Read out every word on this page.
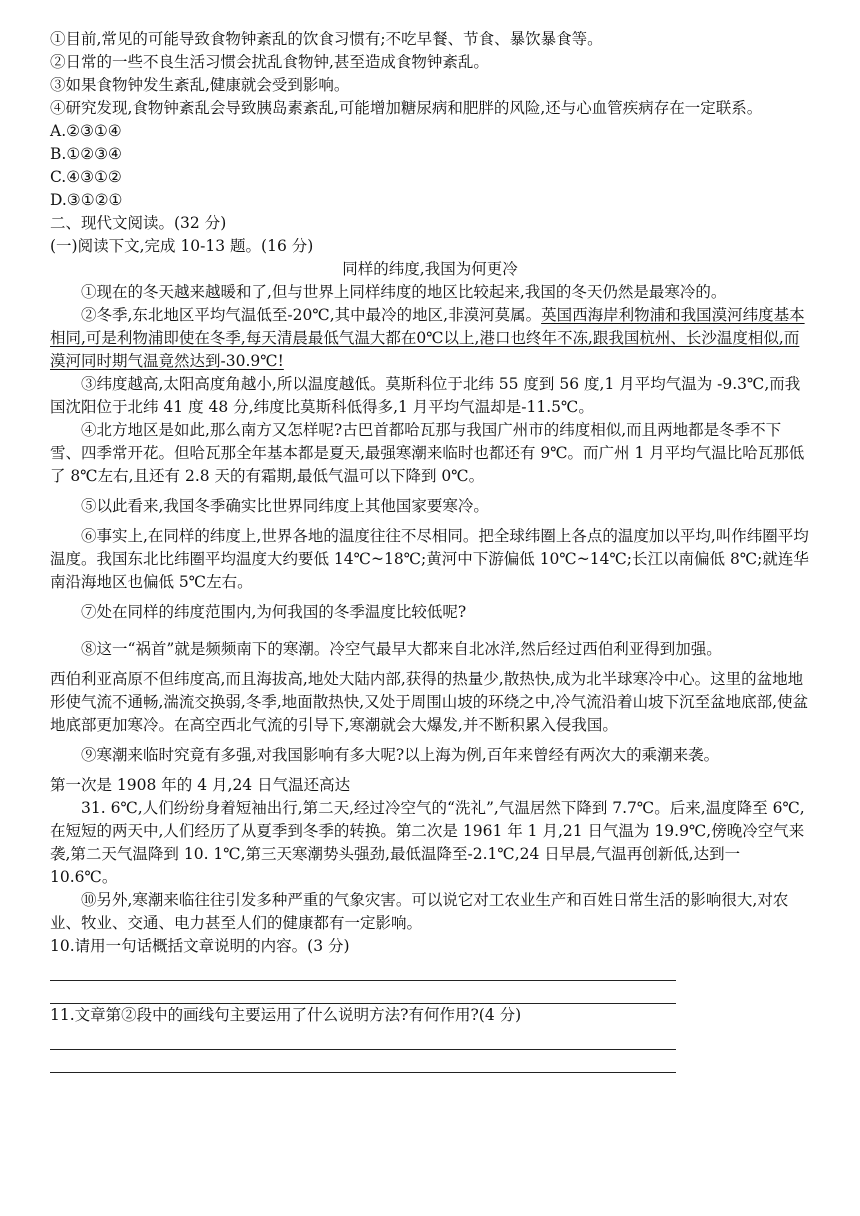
①目前,常见的可能导致食物钟紊乱的饮食习惯有;不吃早餐、节食、暴饮暴食等。
②日常的一些不良生活习惯会扰乱食物钟,甚至造成食物钟紊乱。
③如果食物钟发生紊乱,健康就会受到影响。
④研究发现,食物钟紊乱会导致胰岛素紊乱,可能增加糖尿病和肥胖的风险,还与心血管疾病存在一定联系。
A.②③①④
B.①②③④
C.④③①②
D.③①②①
二、现代文阅读。(32 分)
(一)阅读下文,完成 10-13 题。(16 分)
同样的纬度,我国为何更冷
①现在的冬天越来越暖和了,但与世界上同样纬度的地区比较起来,我国的冬天仍然是最寒冷的。
②冬季,东北地区平均气温低至-20℃,其中最冷的地区,非漠河莫属。英国西海岸利物浦和我国漠河纬度基本相同,可是利物浦即使在冬季,每天清晨最低气温大都在0℃以上,港口也终年不冻,跟我国杭州、长沙温度相似,而漠河同时期气温竟然达到-30.9℃!
③纬度越高,太阳高度角越小,所以温度越低。莫斯科位于北纬 55 度到 56 度,1 月平均气温为 -9.3℃,而我国沈阳位于北纬 41 度 48 分,纬度比莫斯科低得多,1 月平均气温却是-11.5℃。
④北方地区是如此,那么南方又怎样呢?古巴首都哈瓦那与我国广州市的纬度相似,而且两地都是冬季不下雪、四季常开花。但哈瓦那全年基本都是夏天,最强寒潮来临时也都还有 9℃。而广州 1 月平均气温比哈瓦那低了 8℃左右,且还有 2.8 天的有霜期,最低气温可以下降到 0℃。
⑤以此看来,我国冬季确实比世界同纬度上其他国家要寒冷。
⑥事实上,在同样的纬度上,世界各地的温度往往不尽相同。把全球纬圈上各点的温度加以平均,叫作纬圈平均温度。我国东北比纬圈平均温度大约要低 14℃~18℃;黄河中下游偏低 10℃~14℃;长江以南偏低 8℃;就连华南沿海地区也偏低 5℃左右。
⑦处在同样的纬度范围内,为何我国的冬季温度比较低呢?
⑧这一“祸首”就是频频南下的寒潮。冷空气最早大都来自北冰洋,然后经过西伯利亚得到加强。
西伯利亚高原不但纬度高,而且海拔高,地处大陆内部,获得的热量少,散热快,成为北半球寒冷中心。这里的盆地地形使气流不通畅,湍流交换弱,冬季,地面散热快,又处于周围山坡的环绕之中,冷气流沿着山坡下沉至盆地底部,使盆地底部更加寒冷。在高空西北气流的引导下,寒潮就会大爆发,并不断积累入侵我国。
⑨寒潮来临时究竟有多强,对我国影响有多大呢?以上海为例,百年来曾经有两次大的乘潮来袭。
第一次是 1908 年的 4 月,24 日气温还高达
31. 6℃,人们纷纷身着短袖出行,第二天,经过冷空气的“洗礼”,气温居然下降到 7.7℃。后来,温度降至 6℃,在短短的两天中,人们经历了从夏季到冬季的转换。第二次是 1961 年 1 月,21 日气温为 19.9℃,傍晚冷空气来袭,第二天气温降到 10. 1℃,第三天寒潮势头强劲,最低温降至-2.1℃,24 日早晨,气温再创新低,达到一 10.6℃。
⑩另外,寒潮来临往往引发多种严重的气象灾害。可以说它对工农业生产和百姓日常生活的影响很大,对农业、牧业、交通、电力甚至人们的健康都有一定影响。
10.请用一句话概括文章说明的内容。(3 分)
11.文章第②段中的画线句主要运用了什么说明方法?有何作用?(4 分)
